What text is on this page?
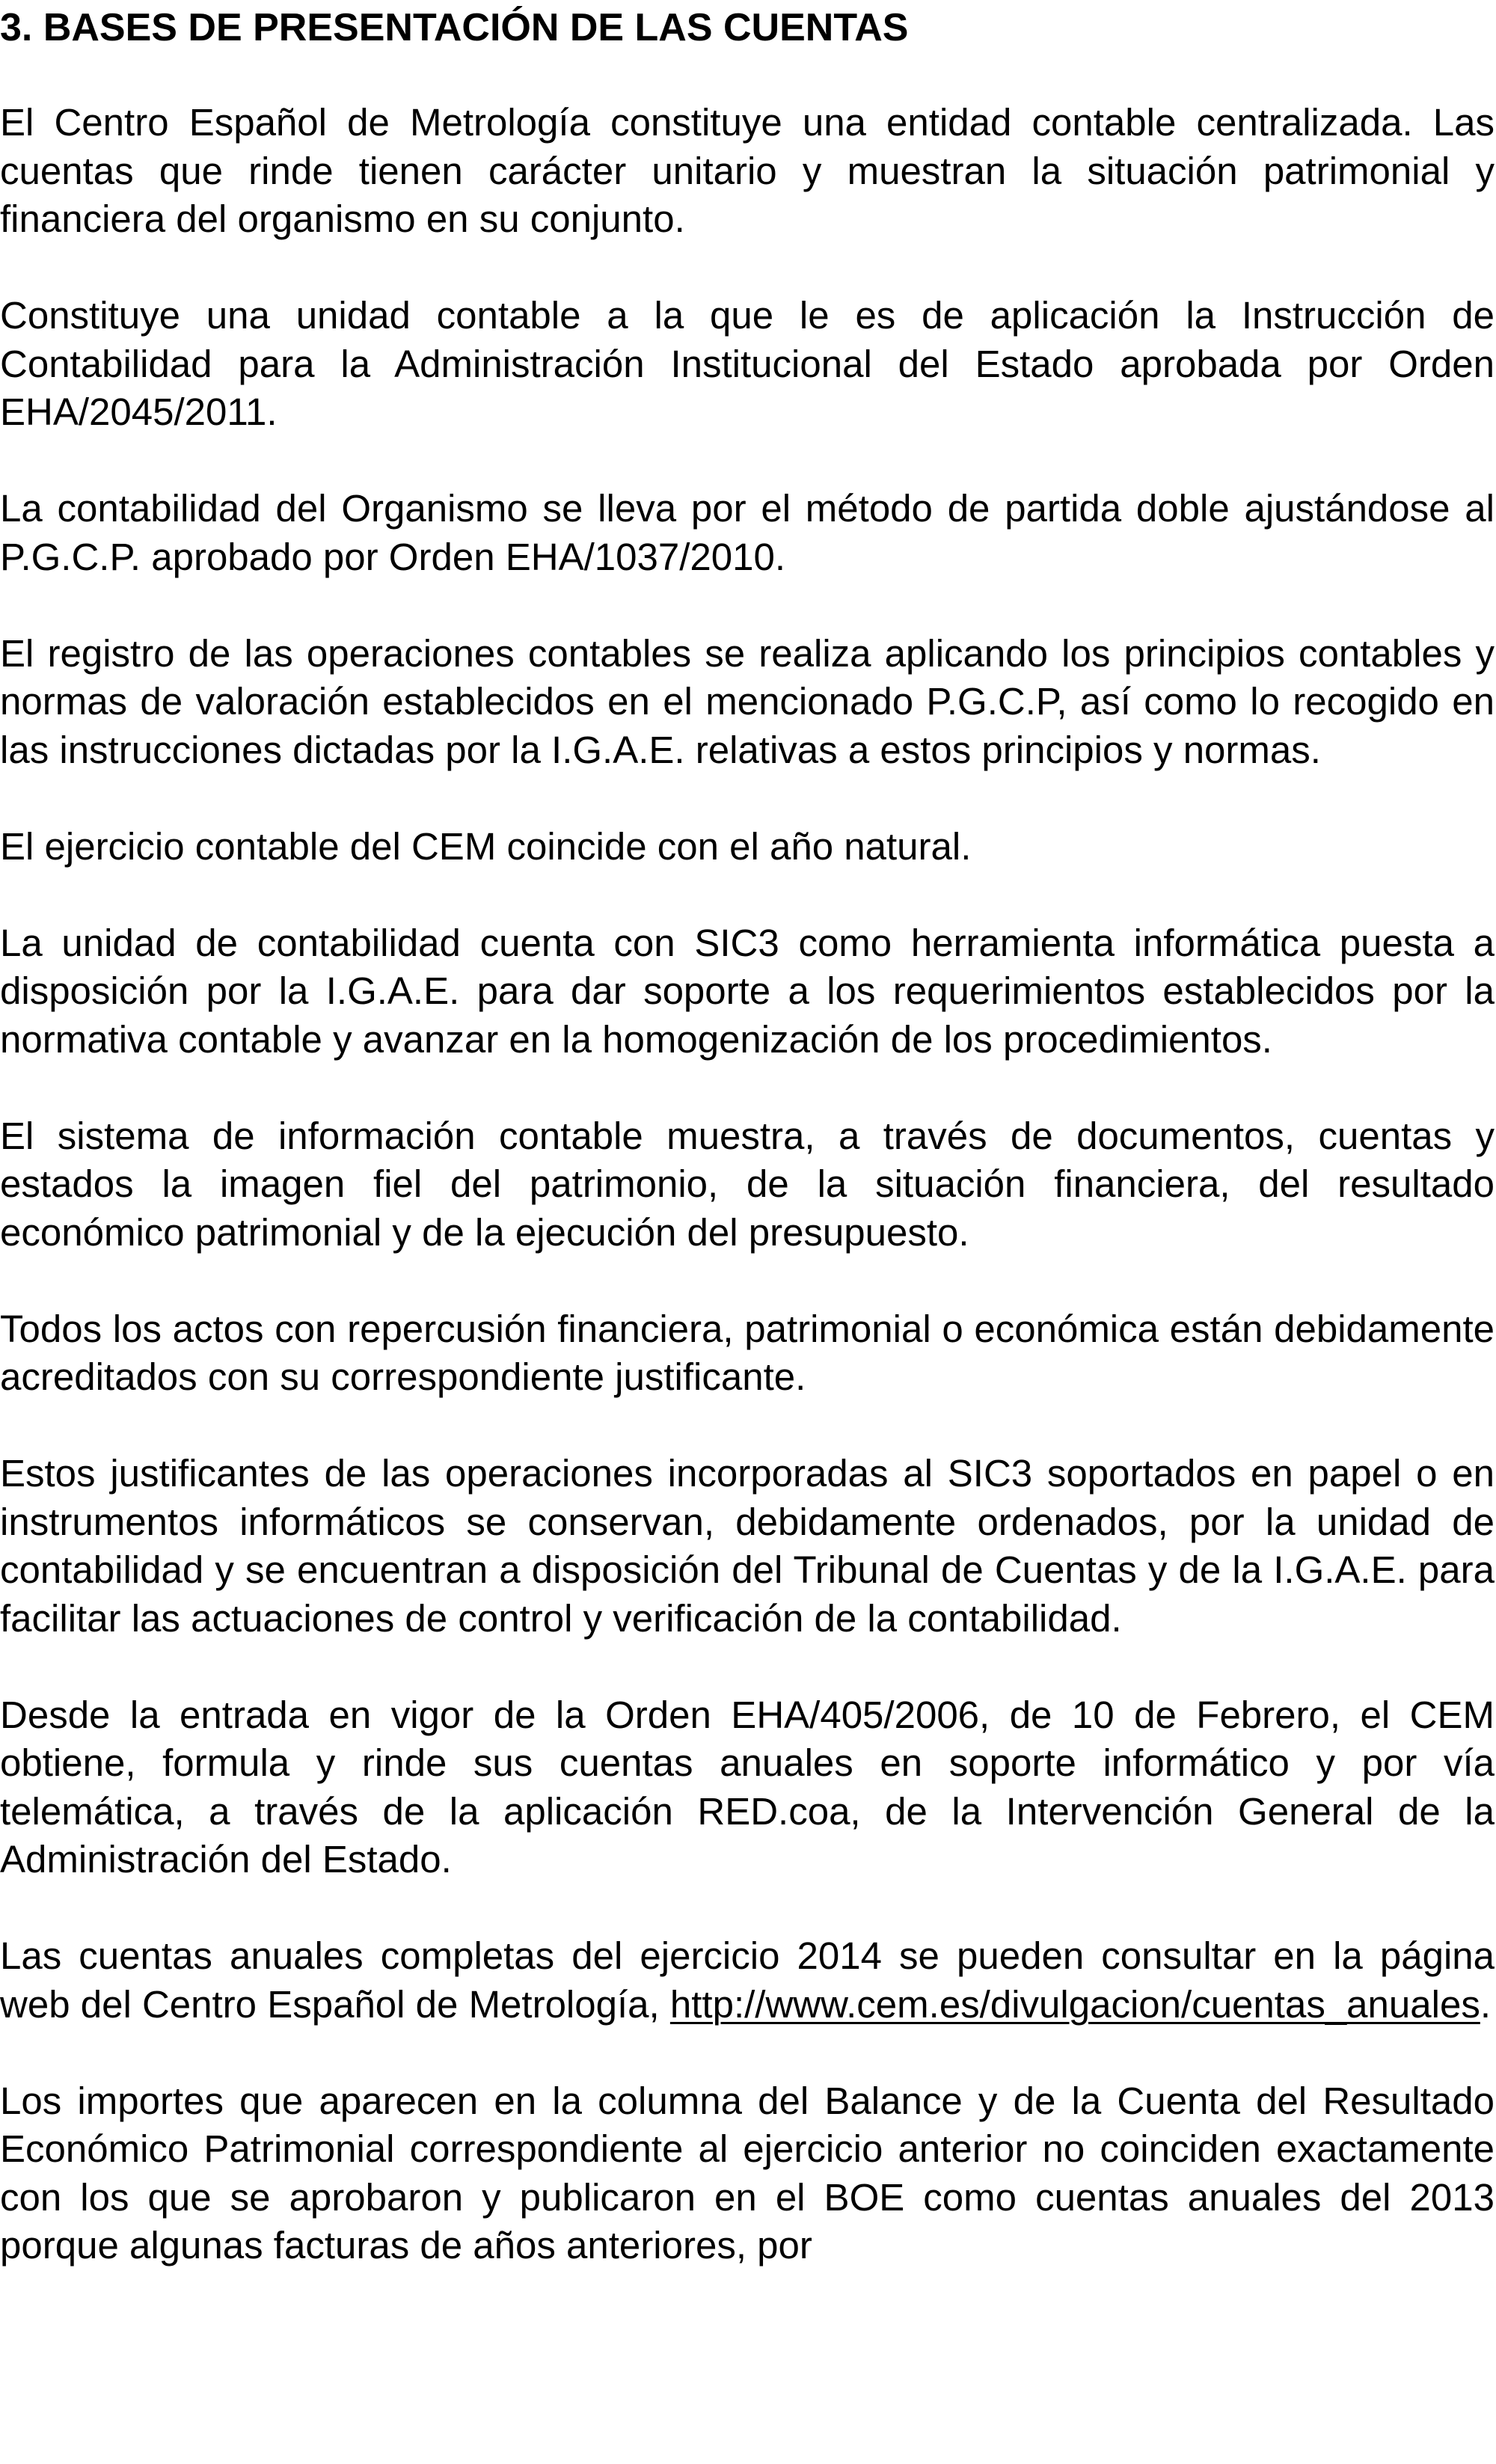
3. BASES DE PRESENTACIÓN DE LAS CUENTAS

El Centro Español de Metrología constituye una entidad contable centralizada. Las cuentas que rinde tienen carácter unitario y muestran la situación patrimonial y financiera del organismo en su conjunto.

Constituye una unidad contable a la que le es de aplicación la Instrucción de Contabilidad para la Administración Institucional del Estado aprobada por Orden EHA/2045/2011.

La contabilidad del Organismo se lleva por el método de partida doble ajustándose al P.G.C.P. aprobado por Orden EHA/1037/2010.

El registro de las operaciones contables se realiza aplicando los principios contables y normas de valoración establecidos en el mencionado P.G.C.P, así como lo recogido en las instrucciones dictadas por la I.G.A.E. relativas a estos principios y normas.

El ejercicio contable del CEM coincide con el año natural.

La unidad de contabilidad cuenta con SIC3 como herramienta informática puesta a disposición por la I.G.A.E. para dar soporte a los requerimientos establecidos por la normativa contable y avanzar en la homogenización de los procedimientos.

El sistema de información contable muestra, a través de documentos, cuentas y estados la imagen fiel del patrimonio, de la situación financiera, del resultado económico patrimonial y de la ejecución del presupuesto.

Todos los actos con repercusión financiera, patrimonial o económica están debidamente acreditados con su correspondiente justificante.

Estos justificantes de las operaciones incorporadas al SIC3 soportados en papel o en instrumentos informáticos se conservan, debidamente ordenados, por la unidad de contabilidad y se encuentran a disposición del Tribunal de Cuentas y de la I.G.A.E. para facilitar las actuaciones de control y verificación de la contabilidad.

Desde la entrada en vigor de la Orden EHA/405/2006, de 10 de Febrero, el CEM obtiene, formula y rinde sus cuentas anuales en soporte informático y por vía telemática, a través de la aplicación RED.coa, de la Intervención General de la Administración del Estado.

Las cuentas anuales completas del ejercicio 2014 se pueden consultar en la página web del Centro Español de Metrología, http://www.cem.es/divulgacion/cuentas_anuales.

Los importes que aparecen en la columna del Balance y de la Cuenta del Resultado Económico Patrimonial correspondiente al ejercicio anterior no coinciden exactamente con los que se aprobaron y publicaron en el BOE como cuentas anuales del 2013 porque algunas facturas de años anteriores, por
